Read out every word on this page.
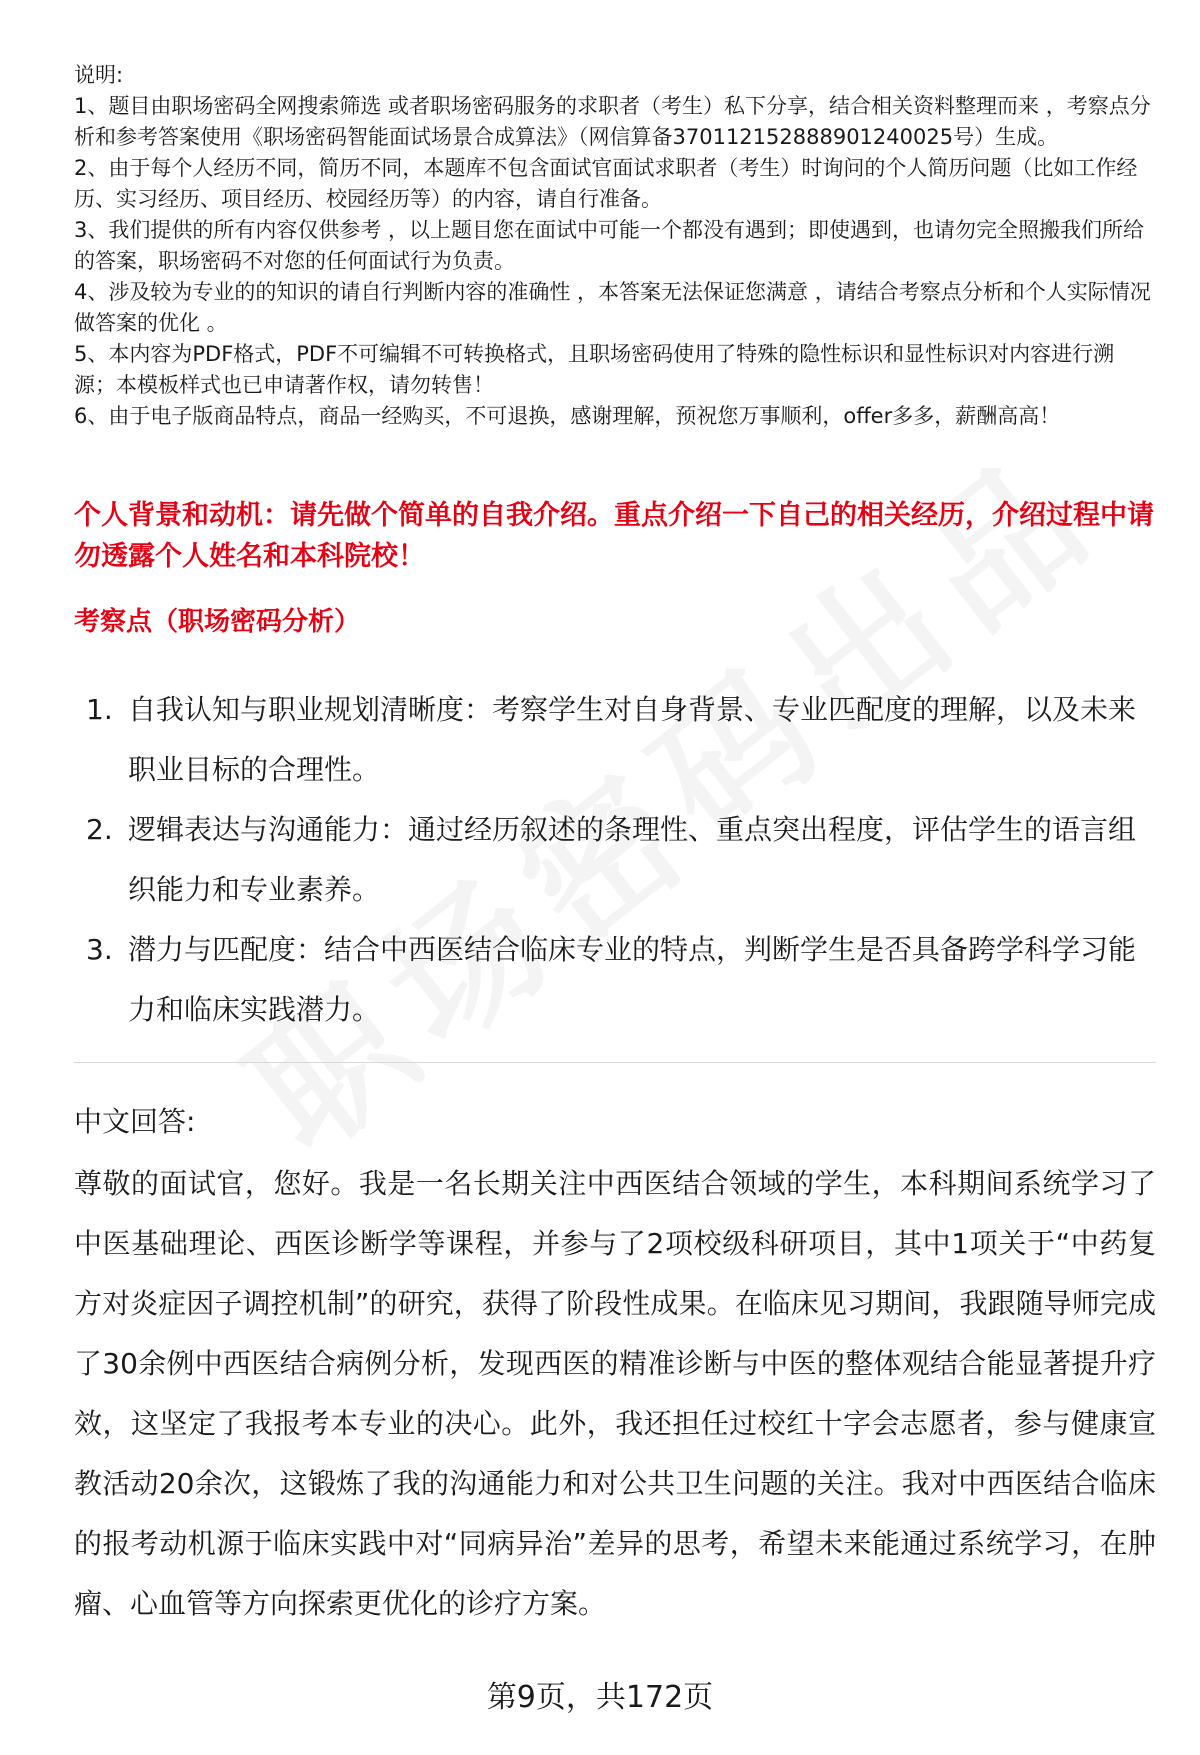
说明:

1、题目由职场密码全网搜索筛选 或者职场密码服务的求职者（考生）私下分享，结合相关资料整理而来 ，考察点分析和参考答案使用《职场密码智能面试场景合成算法》（网信算备370112152888901240025号）生成。

2、由于每个人经历不同，简历不同，本题库不包含面试官面试求职者（考生）时询问的个人简历问题（比如工作经历、实习经历、项目经历、校园经历等）的内容，请自行准备。

3、我们提供的所有内容仅供参考 ，以上题目您在面试中可能一个都没有遇到；即使遇到，也请勿完全照搬我们所给的答案，职场密码不对您的任何面试行为负责。

4、涉及较为专业的的知识的请自行判断内容的准确性 ，本答案无法保证您满意 ，请结合考察点分析和个人实际情况做答案的优化 。

5、本内容为PDF格式，PDF不可编辑不可转换格式，且职场密码使用了特殊的隐性标识和显性标识对内容进行溯源；本模板样式也已申请著作权，请勿转售！

6、由于电子版商品特点，商品一经购买，不可退换，感谢理解，预祝您万事顺利，offer多多，薪酬高高！

个人背景和动机：请先做个简单的自我介绍。重点介绍一下自己的相关经历，介绍过程中请勿透露个人姓名和本科院校！

考察点（职场密码分析）

1. 自我认知与职业规划清晰度：考察学生对自身背景、专业匹配度的理解，以及未来职业目标的合理性。
2. 逻辑表达与沟通能力：通过经历叙述的条理性、重点突出程度，评估学生的语言组织能力和专业素养。
3. 潜力与匹配度：结合中西医结合临床专业的特点，判断学生是否具备跨学科学习能力和临床实践潜力。

中文回答:

尊敬的面试官，您好。我是一名长期关注中西医结合领域的学生，本科期间系统学习了中医基础理论、西医诊断学等课程，并参与了2项校级科研项目，其中1项关于“中药复方对炎症因子调控机制”的研究，获得了阶段性成果。在临床见习期间，我跟随导师完成了30余例中西医结合病例分析，发现西医的精准诊断与中医的整体观结合能显著提升疗效，这坚定了我报考本专业的决心。此外，我还担任过校红十字会志愿者，参与健康宣教活动20余次，这锻炼了我的沟通能力和对公共卫生问题的关注。我对中西医结合临床的报考动机源于临床实践中对“同病异治”差异的思考，希望未来能通过系统学习，在肿瘤、心血管等方向探索更优化的诊疗方案。

第9页，共172页
